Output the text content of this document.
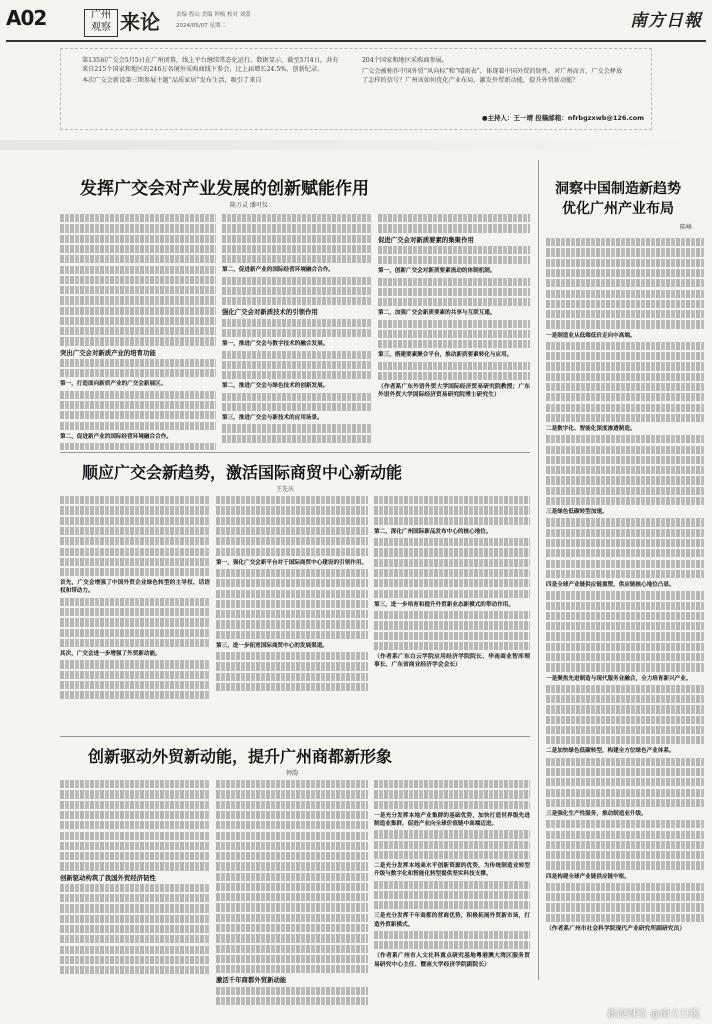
A02	广州
观察 来论	责编 程山 美编 钟梳 校对 刘蕾
2024/05/07 星期二	南方日報
第135届广交会5月5日在广州闭幕，线上平台继续常态化运行。数据显示，截至5月4日，共有来自215个国家和地区的246万名境外采购商线下参会，比上届增长24.5%，创新纪录。
本次广交会新设第三期参展主题“品质家居”发布生活，吸引了来自
204个国家和地区采购商参展。
广交会被称作中国外贸“风向标”和“晴雨表”，体现着中国外贸的韧性。对广州而言，广交会释放了怎样的信号？广州该如何优化产业布局、激发外贸新动能，提升外贸新动能？
●主持人：王一靖 投稿邮箱：nfrbgzxwb@126.com
发挥广交会对产业发展的创新赋能作用
陈万灵 潘可仪
突出广交会对新质产业的培育功能
第一，打造面向新质产业的广交会新展区。
第二，促进新产业的国际经营环境融合合作。
第二，促进新产业的国际经营环境融合合作。
强化广交会对新质技术的引领作用
第一，推进广交会与数字技术的融合发展。
第二，推进广交会与绿色技术的创新发展。
第三，推进广交会与新技术的应用场景。
促进广交会对新质要素的集聚作用
第一，创新广交会对新质要素流动的体制机制。
第二，加强广交会新质要素的共享与互联互通。
第三，搭建要素聚合平台，推动新质要素转化与应用。
（作者系广东外语外贸大学国际经济贸易研究院教授；广东外语外贸大学国际经济贸易研究院博士研究生）
顺应广交会新趋势，激活国际商贸中心新动能
王先庆
首先，广交会增强了中国外贸企业绿色转型的主导权、话语权和带动力。
其次，广交会进一步增强了外贸新动能。
第一，强化广交会新平台对于国际商贸中心建设的引领作用。
第三，进一步拓宽国际商贸中心的发展渠道。
第二，深化广州国际新品发布中心的核心地位。
第三，进一步培育和提升外贸新业态新模式的带动作用。
（作者系广东白云学院应用经济学院院长、华南商业智库理事长、广东省商业经济学会会长）
创新驱动外贸新动能，提升广州商都新形象
钟韵
创新驱动构筑了我国外贸经济韧性
激活千年商都外贸新动能
一是充分发挥本地产业集群的基础优势，加快打造世界级先进制造业集群，促进产业向全球价值链中高端迈进。
二是充分发挥本地高水平创新资源的优势，为传统制造业转型升级与数字化和智能化转型提供坚实科技支撑。
三是充分发挥千年商都的营商优势，积极拓展外贸新市场，打造外贸新模式。
（作者系广州市人文社科重点研究基地粤港澳大湾区服务贸易研究中心主任、暨南大学经济学院副院长）
洞察中国制造新趋势
优化广州产业布局
陈峰
一是制造业从低端低价走向中高端。
二是数字化、智能化深度渗透制造。
三是绿色低碳转型加速。
四是全球产业链供应链重塑，供应链核心地位凸显。
一是聚焦先进制造与现代服务业融合，全力培育新兴产业。
二是加快绿色低碳转型，构建全方位绿色产业体系。
三是强化生产性服务，推动制造业升级。
四是构建全球产业链供应链中枢。
（作者系广州市社会科学院现代产业研究所副研究员）
新浪财经 @南方日报
